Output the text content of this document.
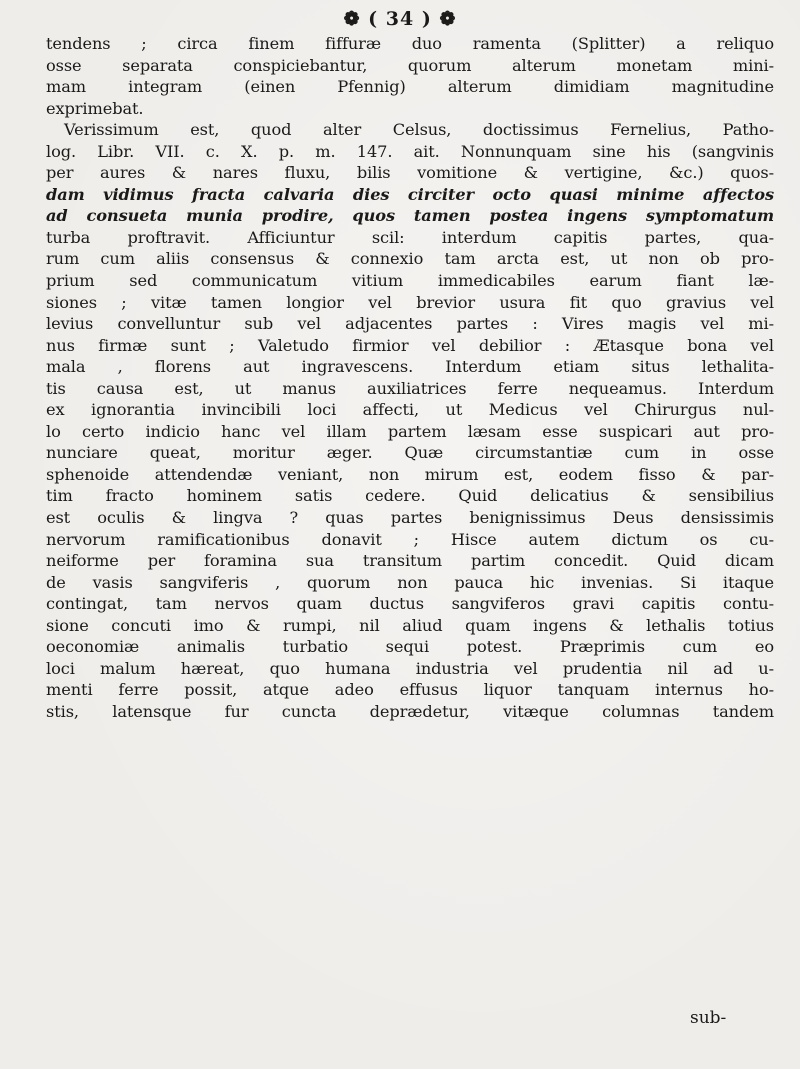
❁ ( 34 ) ❁
tendens ; circa finem fiffuræ duo ramenta (Splitter) a reliquo
osse separata conspiciebantur, quorum alterum monetam mini-
mam integram (einen Pfennig) alterum dimidiam magnitudine
exprimebat.
Verissimum est, quod alter Celsus, doctissimus Fernelius, Patho-
log. Libr. VII. c. X. p. m. 147. ait. Nonnunquam sine his (sangvinis
per aures & nares fluxu, bilis vomitione & vertigine, &c.) quos-
dam vidimus fracta calvaria dies circiter octo quasi minime affectos
ad consueta munia prodire, quos tamen postea ingens symptomatum
turba proftravit. Afficiuntur scil: interdum capitis partes, qua-
rum cum aliis consensus & connexio tam arcta est, ut non ob pro-
prium sed communicatum vitium immedicabiles earum fiant læ-
siones ; vitæ tamen longior vel brevior usura fit quo gravius vel
levius convelluntur sub vel adjacentes partes : Vires magis vel mi-
nus firmæ sunt ; Valetudo firmior vel debilior : Ætasque bona vel
mala , florens aut ingravescens. Interdum etiam situs lethalita-
tis causa est, ut manus auxiliatrices ferre nequeamus. Interdum
ex ignorantia invincibili loci affecti, ut Medicus vel Chirurgus nul-
lo certo indicio hanc vel illam partem læsam esse suspicari aut pro-
nunciare queat, moritur æger. Quæ circumstantiæ cum in osse
sphenoide attendendæ veniant, non mirum est, eodem fisso & par-
tim fracto hominem satis cedere. Quid delicatius & sensibilius
est oculis & lingva ? quas partes benignissimus Deus densissimis
nervorum ramificationibus donavit ; Hisce autem dictum os cu-
neiforme per foramina sua transitum partim concedit. Quid dicam
de vasis sangviferis , quorum non pauca hic invenias. Si itaque
contingat, tam nervos quam ductus sangviferos gravi capitis contu-
sione concuti imo & rumpi, nil aliud quam ingens & lethalis totius
oeconomiæ animalis turbatio sequi potest. Præprimis cum eo
loci malum hæreat, quo humana industria vel prudentia nil ad u-
menti ferre possit, atque adeo effusus liquor tanquam internus ho-
stis, latensque fur cuncta deprædetur, vitæque columnas tandem
sub-
